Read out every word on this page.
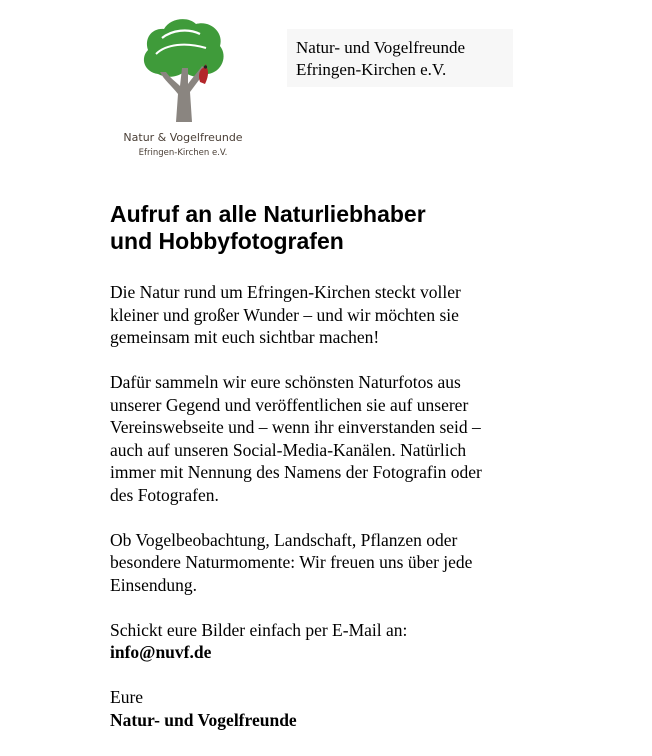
Natur & Vogelfreunde
Efringen-Kirchen e.V.
Natur- und Vogelfreunde
Efringen-Kirchen e.V.
Aufruf an alle Naturliebhaber
und Hobbyfotografen
Die Natur rund um Efringen-Kirchen steckt voller
kleiner und großer Wunder – und wir möchten sie
gemeinsam mit euch sichtbar machen!
Dafür sammeln wir eure schönsten Naturfotos aus
unserer Gegend und veröffentlichen sie auf unserer
Vereinswebseite und – wenn ihr einverstanden seid –
auch auf unseren Social-Media-Kanälen. Natürlich
immer mit Nennung des Namens der Fotografin oder
des Fotografen.
Ob Vogelbeobachtung, Landschaft, Pflanzen oder
besondere Naturmomente: Wir freuen uns über jede
Einsendung.
Schickt eure Bilder einfach per E-Mail an:
info@nuvf.de
Eure
Natur- und Vogelfreunde
